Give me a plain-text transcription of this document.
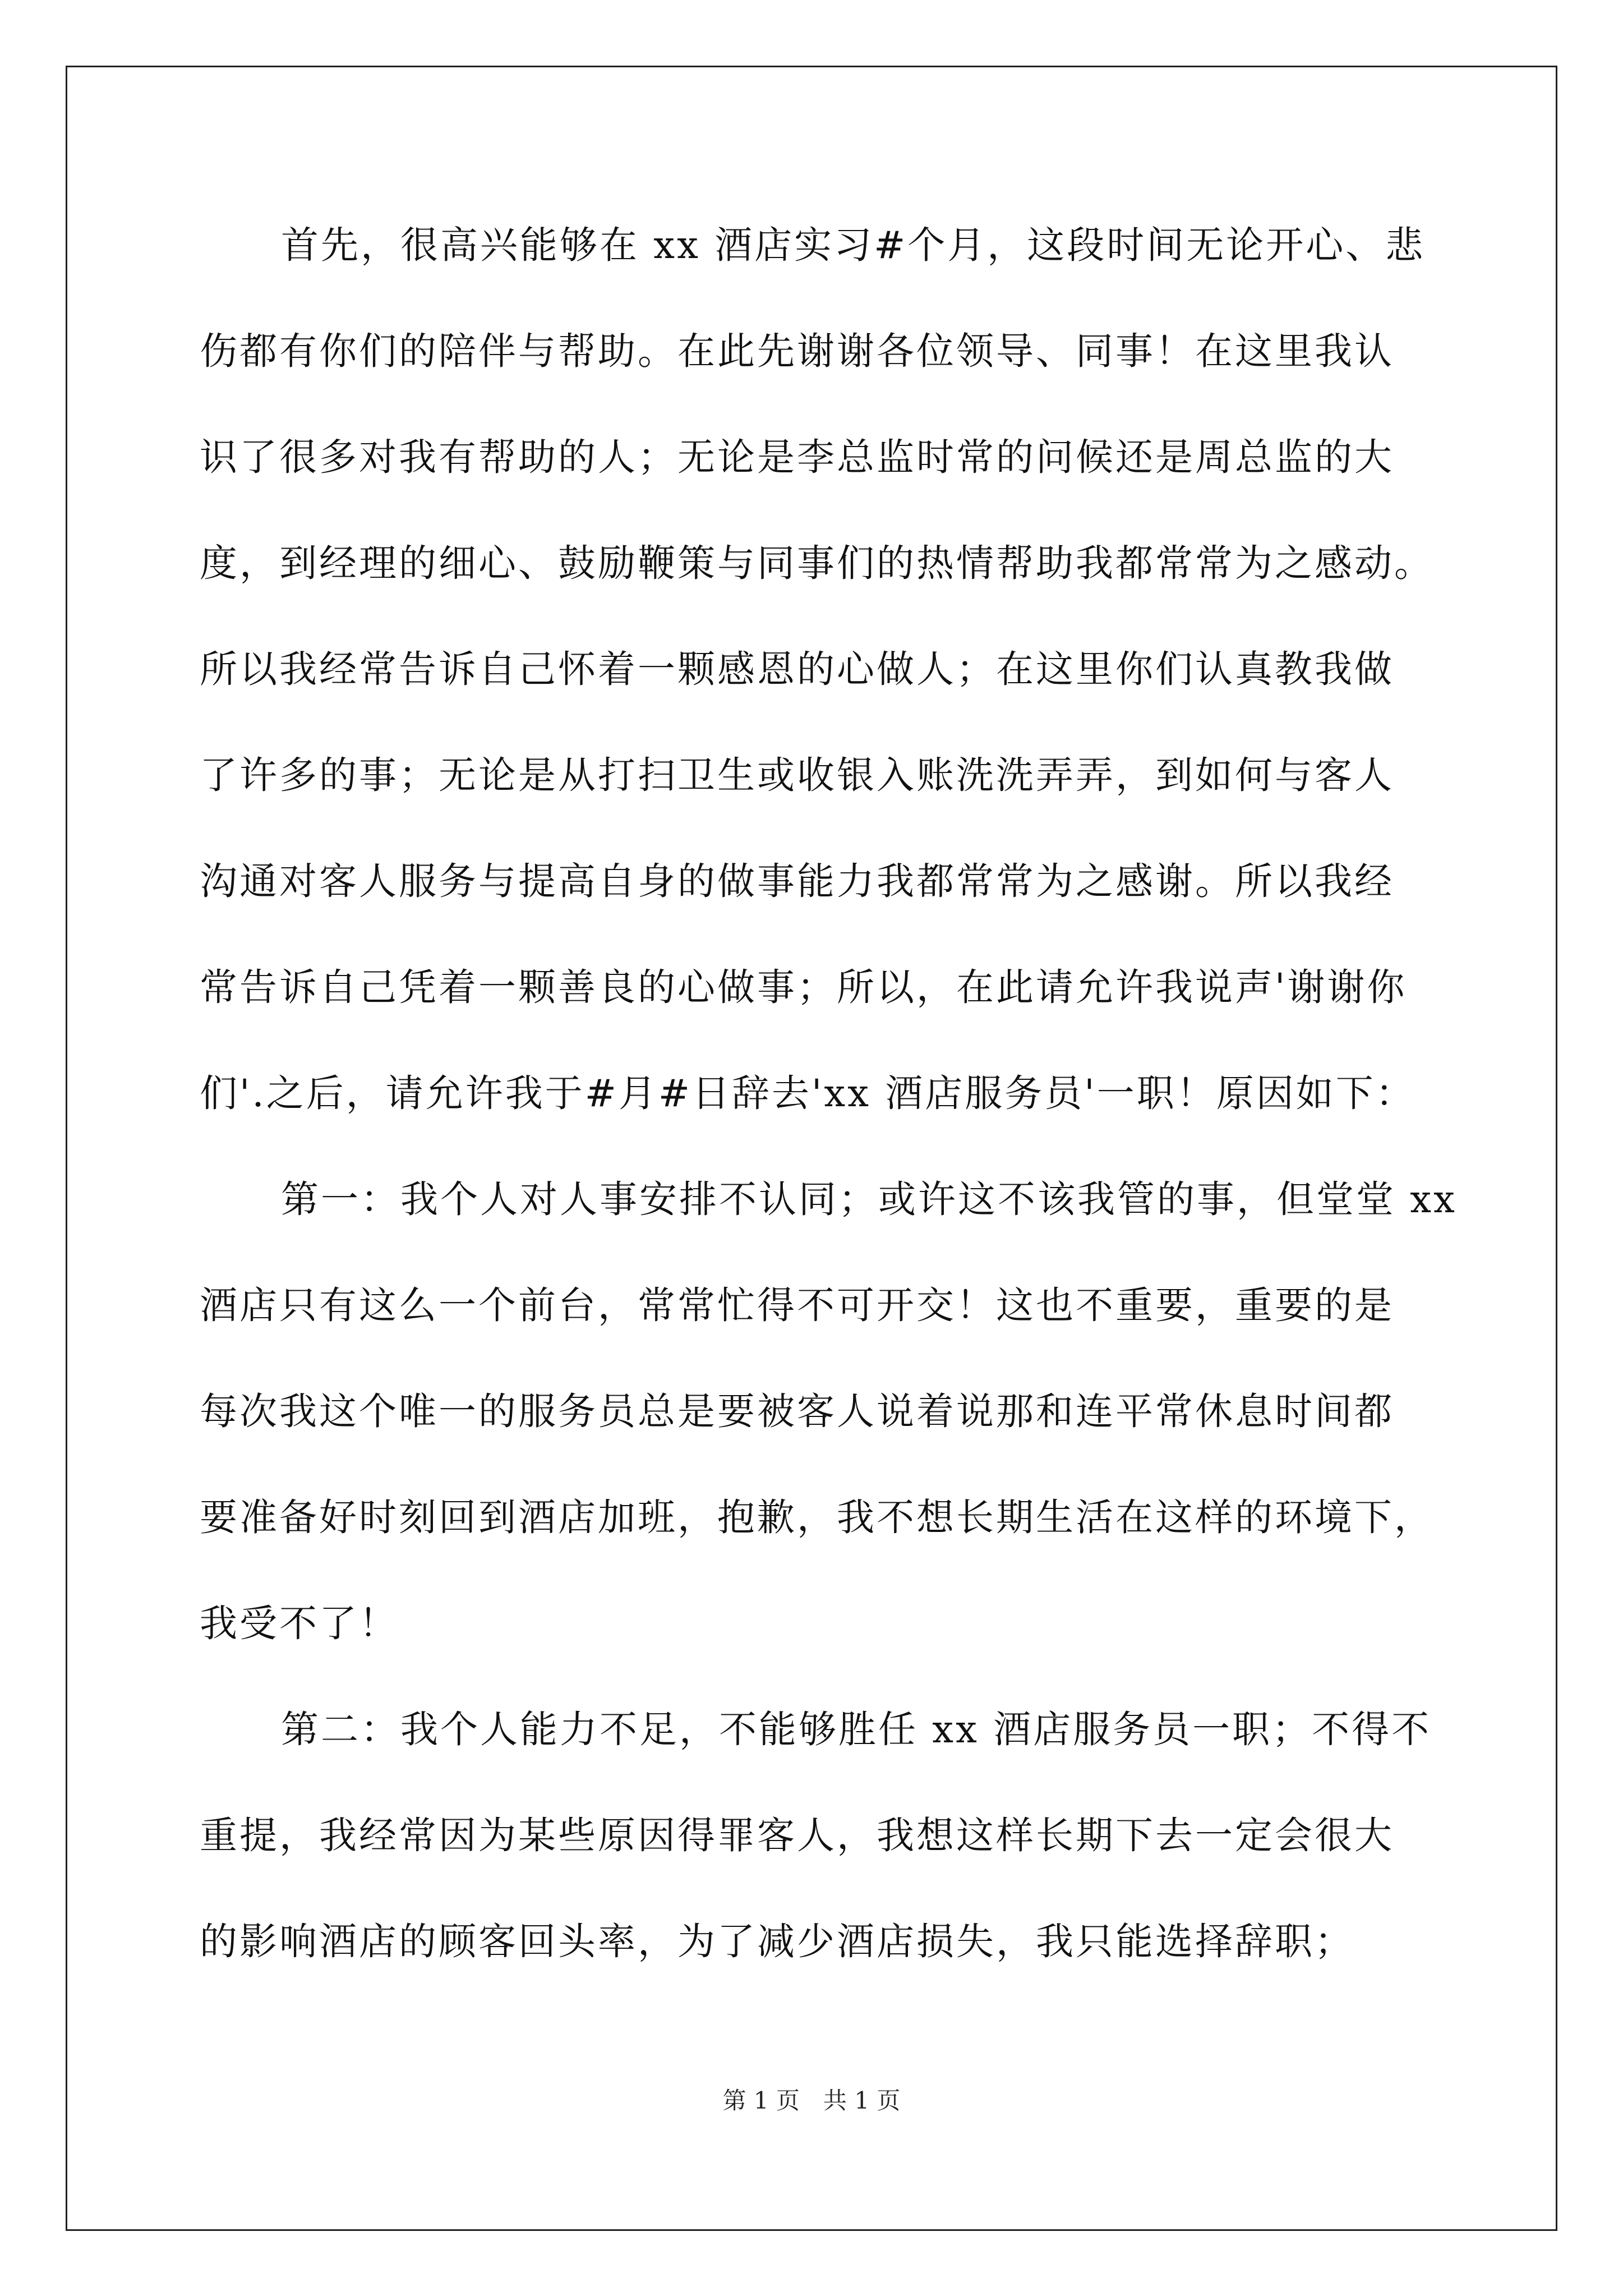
首先，很高兴能够在 xx 酒店实习#个月，这段时间无论开心、悲
伤都有你们的陪伴与帮助。在此先谢谢各位领导、同事！在这里我认
识了很多对我有帮助的人；无论是李总监时常的问候还是周总监的大
度，到经理的细心、鼓励鞭策与同事们的热情帮助我都常常为之感动。
所以我经常告诉自己怀着一颗感恩的心做人；在这里你们认真教我做
了许多的事；无论是从打扫卫生或收银入账洗洗弄弄，到如何与客人
沟通对客人服务与提高自身的做事能力我都常常为之感谢。所以我经
常告诉自己凭着一颗善良的心做事；所以，在此请允许我说声'谢谢你
们'.之后，请允许我于#月#日辞去'xx 酒店服务员'一职！原因如下：
第一：我个人对人事安排不认同；或许这不该我管的事，但堂堂 xx
酒店只有这么一个前台，常常忙得不可开交！这也不重要，重要的是
每次我这个唯一的服务员总是要被客人说着说那和连平常休息时间都
要准备好时刻回到酒店加班，抱歉，我不想长期生活在这样的环境下，
我受不了！
第二：我个人能力不足，不能够胜任 xx 酒店服务员一职；不得不
重提，我经常因为某些原因得罪客人，我想这样长期下去一定会很大
的影响酒店的顾客回头率，为了减少酒店损失，我只能选择辞职；
第 1 页　共 1 页
